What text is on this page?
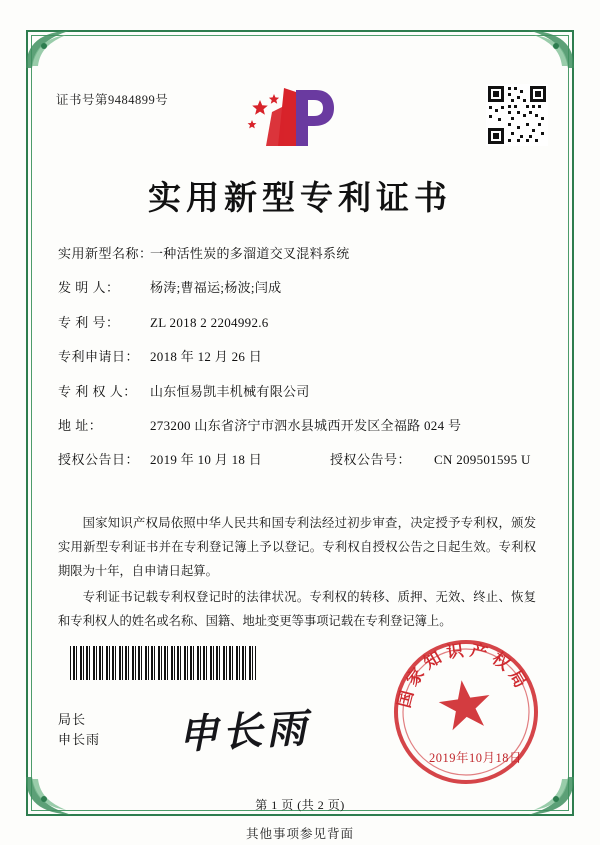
证书号第9484899号
实用新型专利证书
实用新型名称：
一种活性炭的多溜道交叉混料系统
发 明 人：	杨涛;曹福运;杨波;闫成
专 利 号：	ZL 2018 2 2204992.6
专利申请日： 2018 年 12 月 26 日
专 利 权 人：	山东恒易凯丰机械有限公司
地 址：	273200 山东省济宁市泗水县城西开发区全福路 024 号
授权公告日： 2019 年 10 月 18 日	授权公告号：	CN 209501595 U

国家知识产权局依照中华人民共和国专利法经过初步审查，决定授予专利权，颁发实用新型专利证书并在专利登记簿上予以登记。专利权自授权公告之日起生效。专利权期限为十年，自申请日起算。

专利证书记载专利权登记时的法律状况。专利权的转移、质押、无效、终止、恢复和专利权人的姓名或名称、国籍、地址变更等事项记载在专利登记簿上。

局长
申长雨 申长雨
国家知识产权局
2019年10月18日
第 1 页 (共 2 页)
其他事项参见背面
